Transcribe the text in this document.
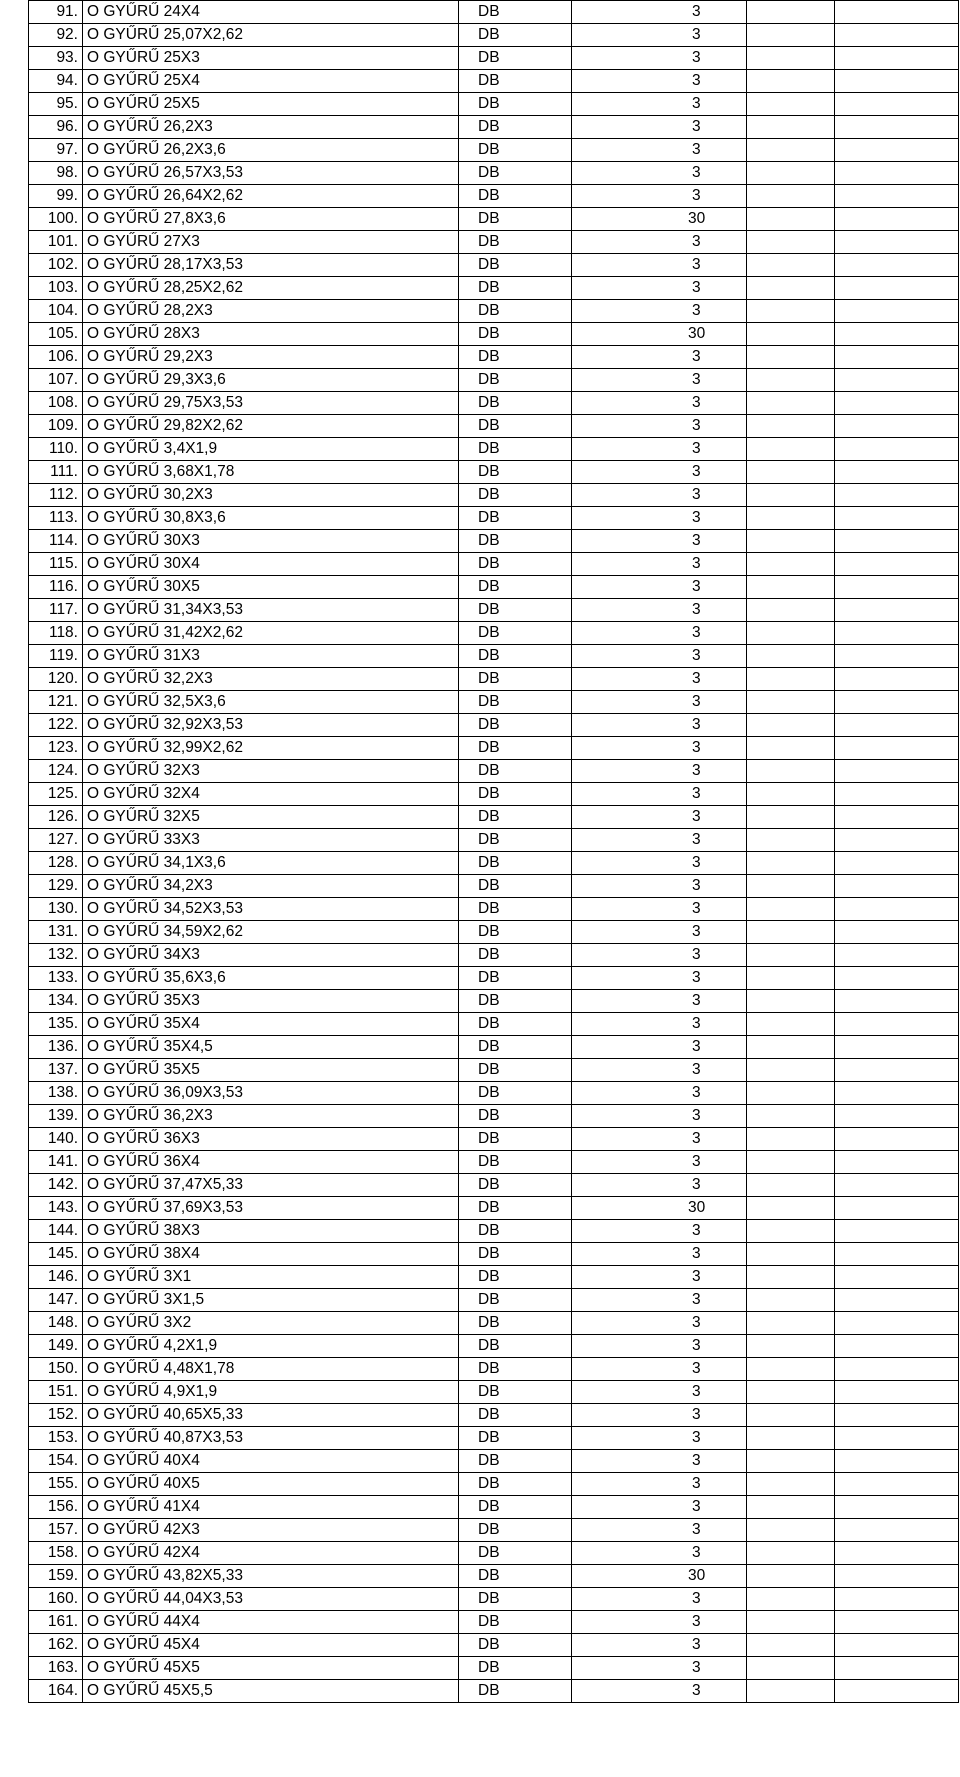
91.	O GYŰRŰ 24X4	DB	3		
92.	O GYŰRŰ 25,07X2,62	DB	3		
93.	O GYŰRŰ 25X3	DB	3		
94.	O GYŰRŰ 25X4	DB	3		
95.	O GYŰRŰ 25X5	DB	3		
96.	O GYŰRŰ 26,2X3	DB	3		
97.	O GYŰRŰ 26,2X3,6	DB	3		
98.	O GYŰRŰ 26,57X3,53	DB	3		
99.	O GYŰRŰ 26,64X2,62	DB	3		
100.	O GYŰRŰ 27,8X3,6	DB	30		
101.	O GYŰRŰ 27X3	DB	3		
102.	O GYŰRŰ 28,17X3,53	DB	3		
103.	O GYŰRŰ 28,25X2,62	DB	3		
104.	O GYŰRŰ 28,2X3	DB	3		
105.	O GYŰRŰ 28X3	DB	30		
106.	O GYŰRŰ 29,2X3	DB	3		
107.	O GYŰRŰ 29,3X3,6	DB	3		
108.	O GYŰRŰ 29,75X3,53	DB	3		
109.	O GYŰRŰ 29,82X2,62	DB	3		
110.	O GYŰRŰ 3,4X1,9	DB	3		
111.	O GYŰRŰ 3,68X1,78	DB	3		
112.	O GYŰRŰ 30,2X3	DB	3		
113.	O GYŰRŰ 30,8X3,6	DB	3		
114.	O GYŰRŰ 30X3	DB	3		
115.	O GYŰRŰ 30X4	DB	3		
116.	O GYŰRŰ 30X5	DB	3		
117.	O GYŰRŰ 31,34X3,53	DB	3		
118.	O GYŰRŰ 31,42X2,62	DB	3		
119.	O GYŰRŰ 31X3	DB	3		
120.	O GYŰRŰ 32,2X3	DB	3		
121.	O GYŰRŰ 32,5X3,6	DB	3		
122.	O GYŰRŰ 32,92X3,53	DB	3		
123.	O GYŰRŰ 32,99X2,62	DB	3		
124.	O GYŰRŰ 32X3	DB	3		
125.	O GYŰRŰ 32X4	DB	3		
126.	O GYŰRŰ 32X5	DB	3		
127.	O GYŰRŰ 33X3	DB	3		
128.	O GYŰRŰ 34,1X3,6	DB	3		
129.	O GYŰRŰ 34,2X3	DB	3		
130.	O GYŰRŰ 34,52X3,53	DB	3		
131.	O GYŰRŰ 34,59X2,62	DB	3		
132.	O GYŰRŰ 34X3	DB	3		
133.	O GYŰRŰ 35,6X3,6	DB	3		
134.	O GYŰRŰ 35X3	DB	3		
135.	O GYŰRŰ 35X4	DB	3		
136.	O GYŰRŰ 35X4,5	DB	3		
137.	O GYŰRŰ 35X5	DB	3		
138.	O GYŰRŰ 36,09X3,53	DB	3		
139.	O GYŰRŰ 36,2X3	DB	3		
140.	O GYŰRŰ 36X3	DB	3		
141.	O GYŰRŰ 36X4	DB	3		
142.	O GYŰRŰ 37,47X5,33	DB	3		
143.	O GYŰRŰ 37,69X3,53	DB	30		
144.	O GYŰRŰ 38X3	DB	3		
145.	O GYŰRŰ 38X4	DB	3		
146.	O GYŰRŰ 3X1	DB	3		
147.	O GYŰRŰ 3X1,5	DB	3		
148.	O GYŰRŰ 3X2	DB	3		
149.	O GYŰRŰ 4,2X1,9	DB	3		
150.	O GYŰRŰ 4,48X1,78	DB	3		
151.	O GYŰRŰ 4,9X1,9	DB	3		
152.	O GYŰRŰ 40,65X5,33	DB	3		
153.	O GYŰRŰ 40,87X3,53	DB	3		
154.	O GYŰRŰ 40X4	DB	3		
155.	O GYŰRŰ 40X5	DB	3		
156.	O GYŰRŰ 41X4	DB	3		
157.	O GYŰRŰ 42X3	DB	3		
158.	O GYŰRŰ 42X4	DB	3		
159.	O GYŰRŰ 43,82X5,33	DB	30		
160.	O GYŰRŰ 44,04X3,53	DB	3		
161.	O GYŰRŰ 44X4	DB	3		
162.	O GYŰRŰ 45X4	DB	3		
163.	O GYŰRŰ 45X5	DB	3		
164.	O GYŰRŰ 45X5,5	DB	3		
